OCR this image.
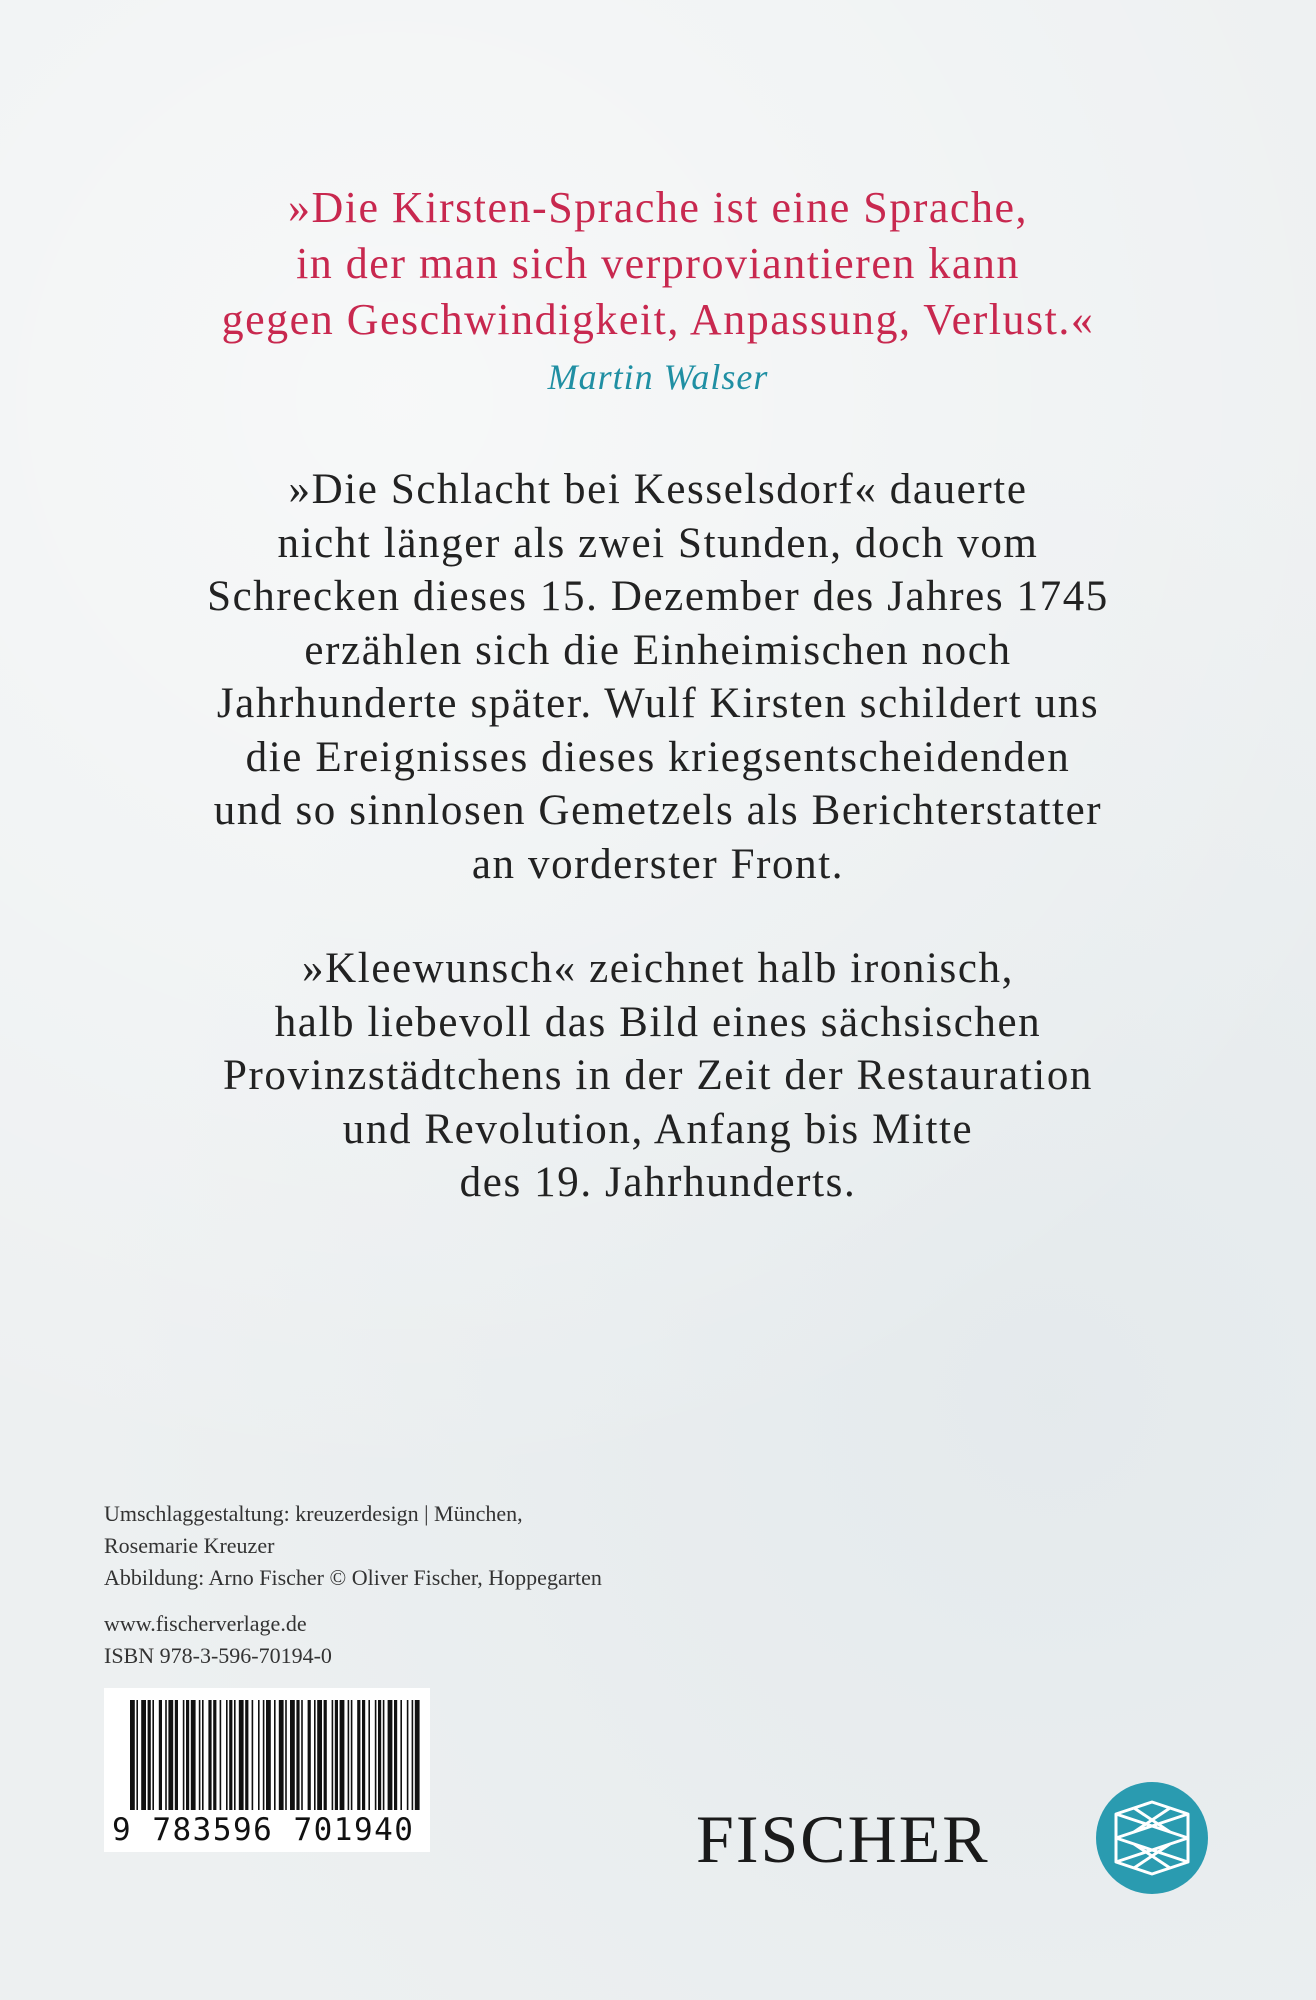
»Die Kirsten-Sprache ist eine Sprache,
in der man sich verproviantieren kann
gegen Geschwindigkeit, Anpassung, Verlust.«
Martin Walser
»Die Schlacht bei Kesselsdorf« dauerte
nicht länger als zwei Stunden, doch vom
Schrecken dieses 15. Dezember des Jahres 1745
erzählen sich die Einheimischen noch
Jahrhunderte später. Wulf Kirsten schildert uns
die Ereignisses dieses kriegsentscheidenden
und so sinnlosen Gemetzels als Berichterstatter
an vorderster Front.
»Kleewunsch« zeichnet halb ironisch,
halb liebevoll das Bild eines sächsischen
Provinzstädtchens in der Zeit der Restauration
und Revolution, Anfang bis Mitte
des 19. Jahrhunderts.
Umschlaggestaltung: kreuzerdesign | München,
Rosemarie Kreuzer
Abbildung: Arno Fischer © Oliver Fischer, Hoppegarten
www.fischerverlage.de
ISBN 978-3-596-70194-0
9 783596 701940	FISCHER
